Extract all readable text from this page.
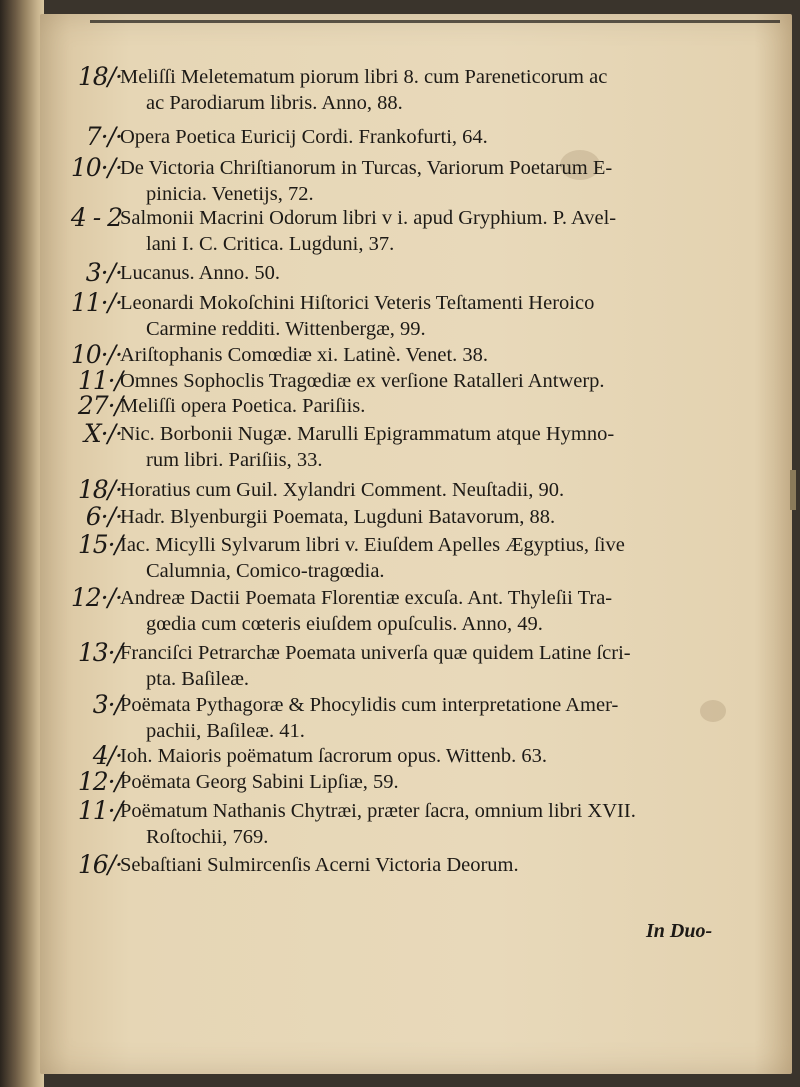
18/·
Meliſſi Meletematum piorum libri 8. cum Pareneticorum ac
ac Parodiarum libris. Anno, 88.
7·/·
Opera Poetica Euricij Cordi. Frankofurti, 64.
10·/·
De Victoria Chriſtianorum in Turcas, Variorum Poetarum E-
pinicia. Venetijs, 72.
4 - 2
Salmonii Macrini Odorum libri v i. apud Gryphium. P. Avel-
lani I. C. Critica. Lugduni, 37.
3·/·
Lucanus. Anno. 50.
11·/·
Leonardi Mokoſchini Hiſtorici Veteris Teſtamenti Heroico
Carmine redditi. Wittenbergæ, 99.
10·/·
Ariſtophanis Comœdiæ xi. Latinè. Venet. 38.
11·/
Omnes Sophoclis Tragœdiæ ex verſione Ratalleri Antwerp.
27·/
Meliſſi opera Poetica. Pariſiis.
X·/·
Nic. Borbonii Nugæ. Marulli Epigrammatum atque Hymno-
rum libri. Pariſiis, 33.
18/·
Horatius cum Guil. Xylandri Comment. Neuſtadii, 90.
6·/·
Hadr. Blyenburgii Poemata, Lugduni Batavorum, 88.
15·/
Iac. Micylli Sylvarum libri v. Eiuſdem Apelles Ægyptius, ſive
Calumnia, Comico-tragœdia.
12·/·
Andreæ Dactii Poemata Florentiæ excuſa. Ant. Thyleſii Tra-
gœdia cum cœteris eiuſdem opuſculis. Anno, 49.
13·/
Franciſci Petrarchæ Poemata univerſa quæ quidem Latine ſcri-
pta. Baſileæ.
3·/
Poëmata Pythagoræ & Phocylidis cum interpretatione Amer-
pachii, Baſileæ. 41.
4/·
Ioh. Maioris poëmatum ſacrorum opus. Wittenb. 63.
12·/
Poëmata Georg Sabini Lipſiæ, 59.
11·/
Poëmatum Nathanis Chytræi, præter ſacra, omnium libri XVII.
Roſtochii, 769.
16/·
Sebaſtiani Sulmircenſis Acerni Victoria Deorum.
In Duo-
